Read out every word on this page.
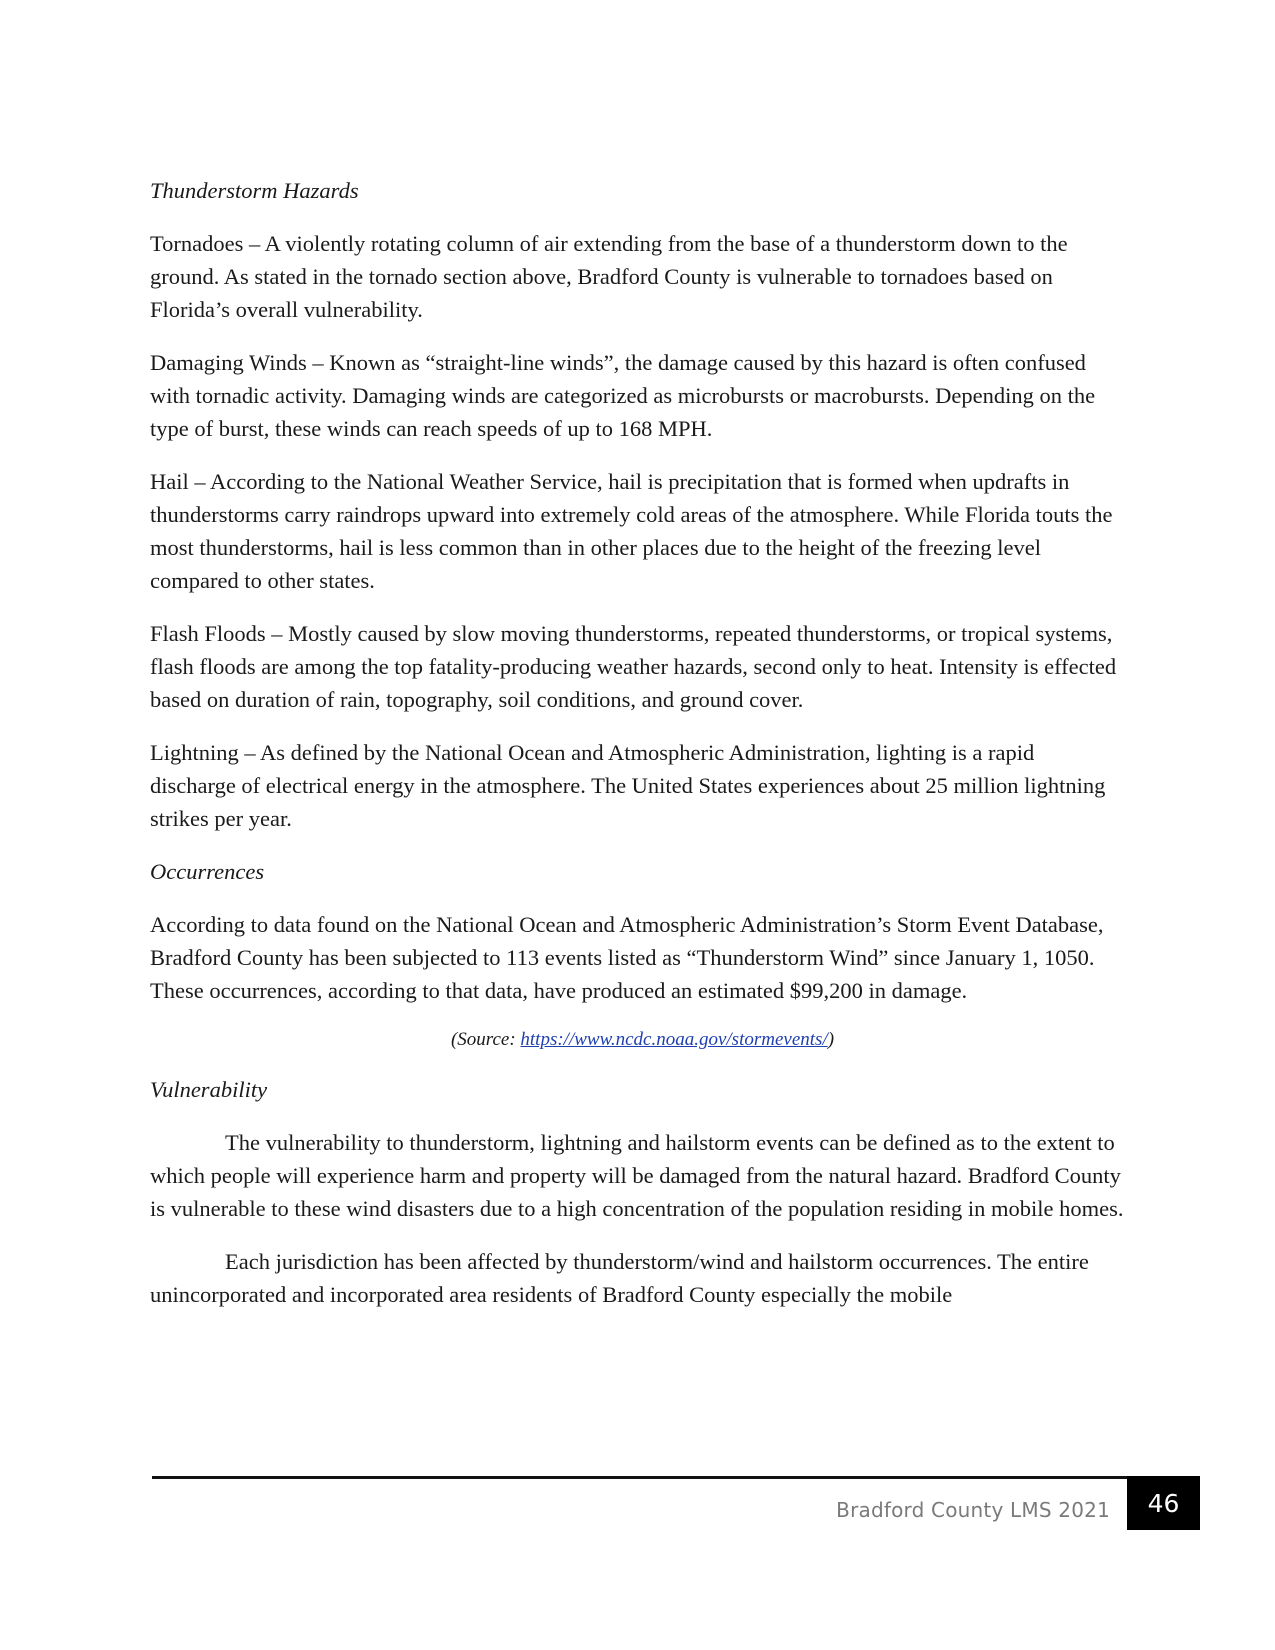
Thunderstorm Hazards

Tornadoes – A violently rotating column of air extending from the base of a thunderstorm down to the ground. As stated in the tornado section above, Bradford County is vulnerable to tornadoes based on Florida’s overall vulnerability.

Damaging Winds – Known as “straight-line winds”, the damage caused by this hazard is often confused with tornadic activity. Damaging winds are categorized as microbursts or macrobursts. Depending on the type of burst, these winds can reach speeds of up to 168 MPH.

Hail – According to the National Weather Service, hail is precipitation that is formed when updrafts in thunderstorms carry raindrops upward into extremely cold areas of the atmosphere. While Florida touts the most thunderstorms, hail is less common than in other places due to the height of the freezing level compared to other states.

Flash Floods – Mostly caused by slow moving thunderstorms, repeated thunderstorms, or tropical systems, flash floods are among the top fatality-producing weather hazards, second only to heat. Intensity is effected based on duration of rain, topography, soil conditions, and ground cover.

Lightning – As defined by the National Ocean and Atmospheric Administration, lighting is a rapid discharge of electrical energy in the atmosphere. The United States experiences about 25 million lightning strikes per year.

Occurrences

According to data found on the National Ocean and Atmospheric Administration’s Storm Event Database, Bradford County has been subjected to 113 events listed as “Thunderstorm Wind” since January 1, 1050. These occurrences, according to that data, have produced an estimated $99,200 in damage.

(Source: https://www.ncdc.noaa.gov/stormevents/)

Vulnerability

The vulnerability to thunderstorm, lightning and hailstorm events can be defined as to the extent to which people will experience harm and property will be damaged from the natural hazard. Bradford County is vulnerable to these wind disasters due to a high concentration of the population residing in mobile homes.

Each jurisdiction has been affected by thunderstorm/wind and hailstorm occurrences. The entire unincorporated and incorporated area residents of Bradford County especially the mobile

Bradford County LMS 2021	46
